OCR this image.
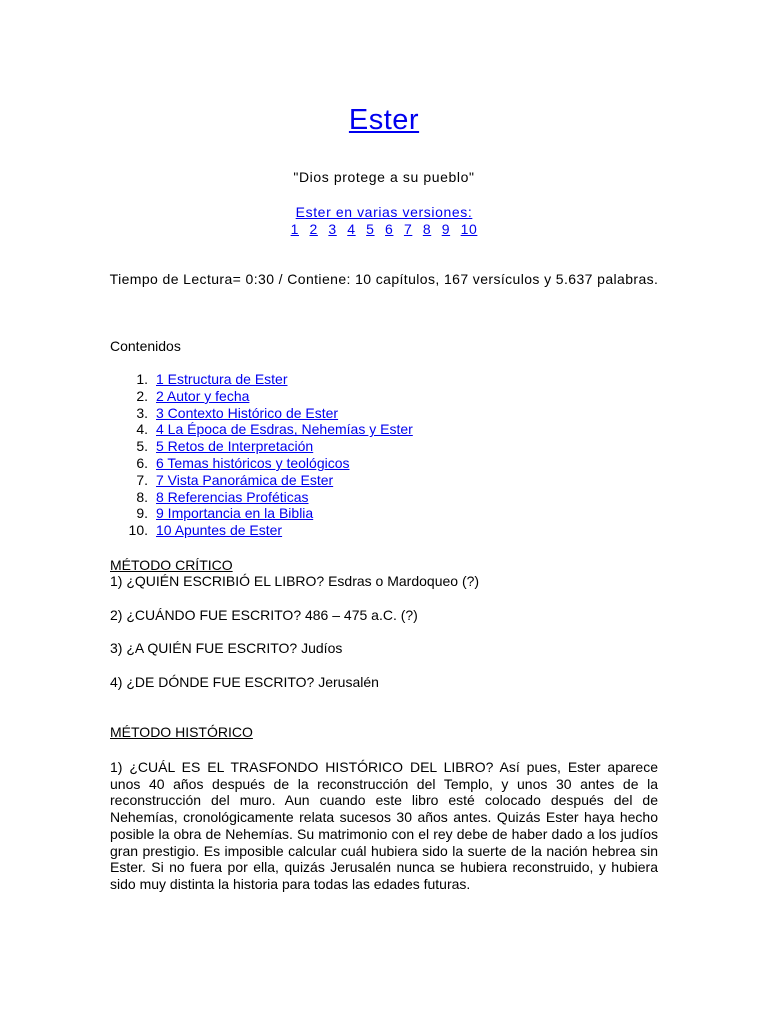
Ester
"Dios protege a su pueblo"
Ester en varias versiones:
1 2 3 4 5 6 7 8 9 10
Tiempo de Lectura= 0:30 / Contiene: 10 capítulos, 167 versículos y 5.637 palabras.
Contenidos
1. 1 Estructura de Ester
2. 2 Autor y fecha
3. 3 Contexto Histórico de Ester
4. 4 La Época de Esdras, Nehemías y Ester
5. 5 Retos de Interpretación
6. 6 Temas históricos y teológicos
7. 7 Vista Panorámica de Ester
8. 8 Referencias Proféticas
9. 9 Importancia en la Biblia
10. 10 Apuntes de Ester
MÉTODO CRÍTICO
1) ¿QUIÉN ESCRIBIÓ EL LIBRO? Esdras o Mardoqueo (?)
2) ¿CUÁNDO FUE ESCRITO? 486 – 475 a.C. (?)
3) ¿A QUIÉN FUE ESCRITO? Judíos
4) ¿DE DÓNDE FUE ESCRITO? Jerusalén
MÉTODO HISTÓRICO
1) ¿CUÁL ES EL TRASFONDO HISTÓRICO DEL LIBRO? Así pues, Ester aparece unos 40 años después de la reconstrucción del Templo, y unos 30 antes de la reconstrucción del muro. Aun cuando este libro esté colocado después del de Nehemías, cronológicamente relata sucesos 30 años antes. Quizás Ester haya hecho posible la obra de Nehemías. Su matrimonio con el rey debe de haber dado a los judíos gran prestigio. Es imposible calcular cuál hubiera sido la suerte de la nación hebrea sin Ester. Si no fuera por ella, quizás Jerusalén nunca se hubiera reconstruido, y hubiera sido muy distinta la historia para todas las edades futuras.
